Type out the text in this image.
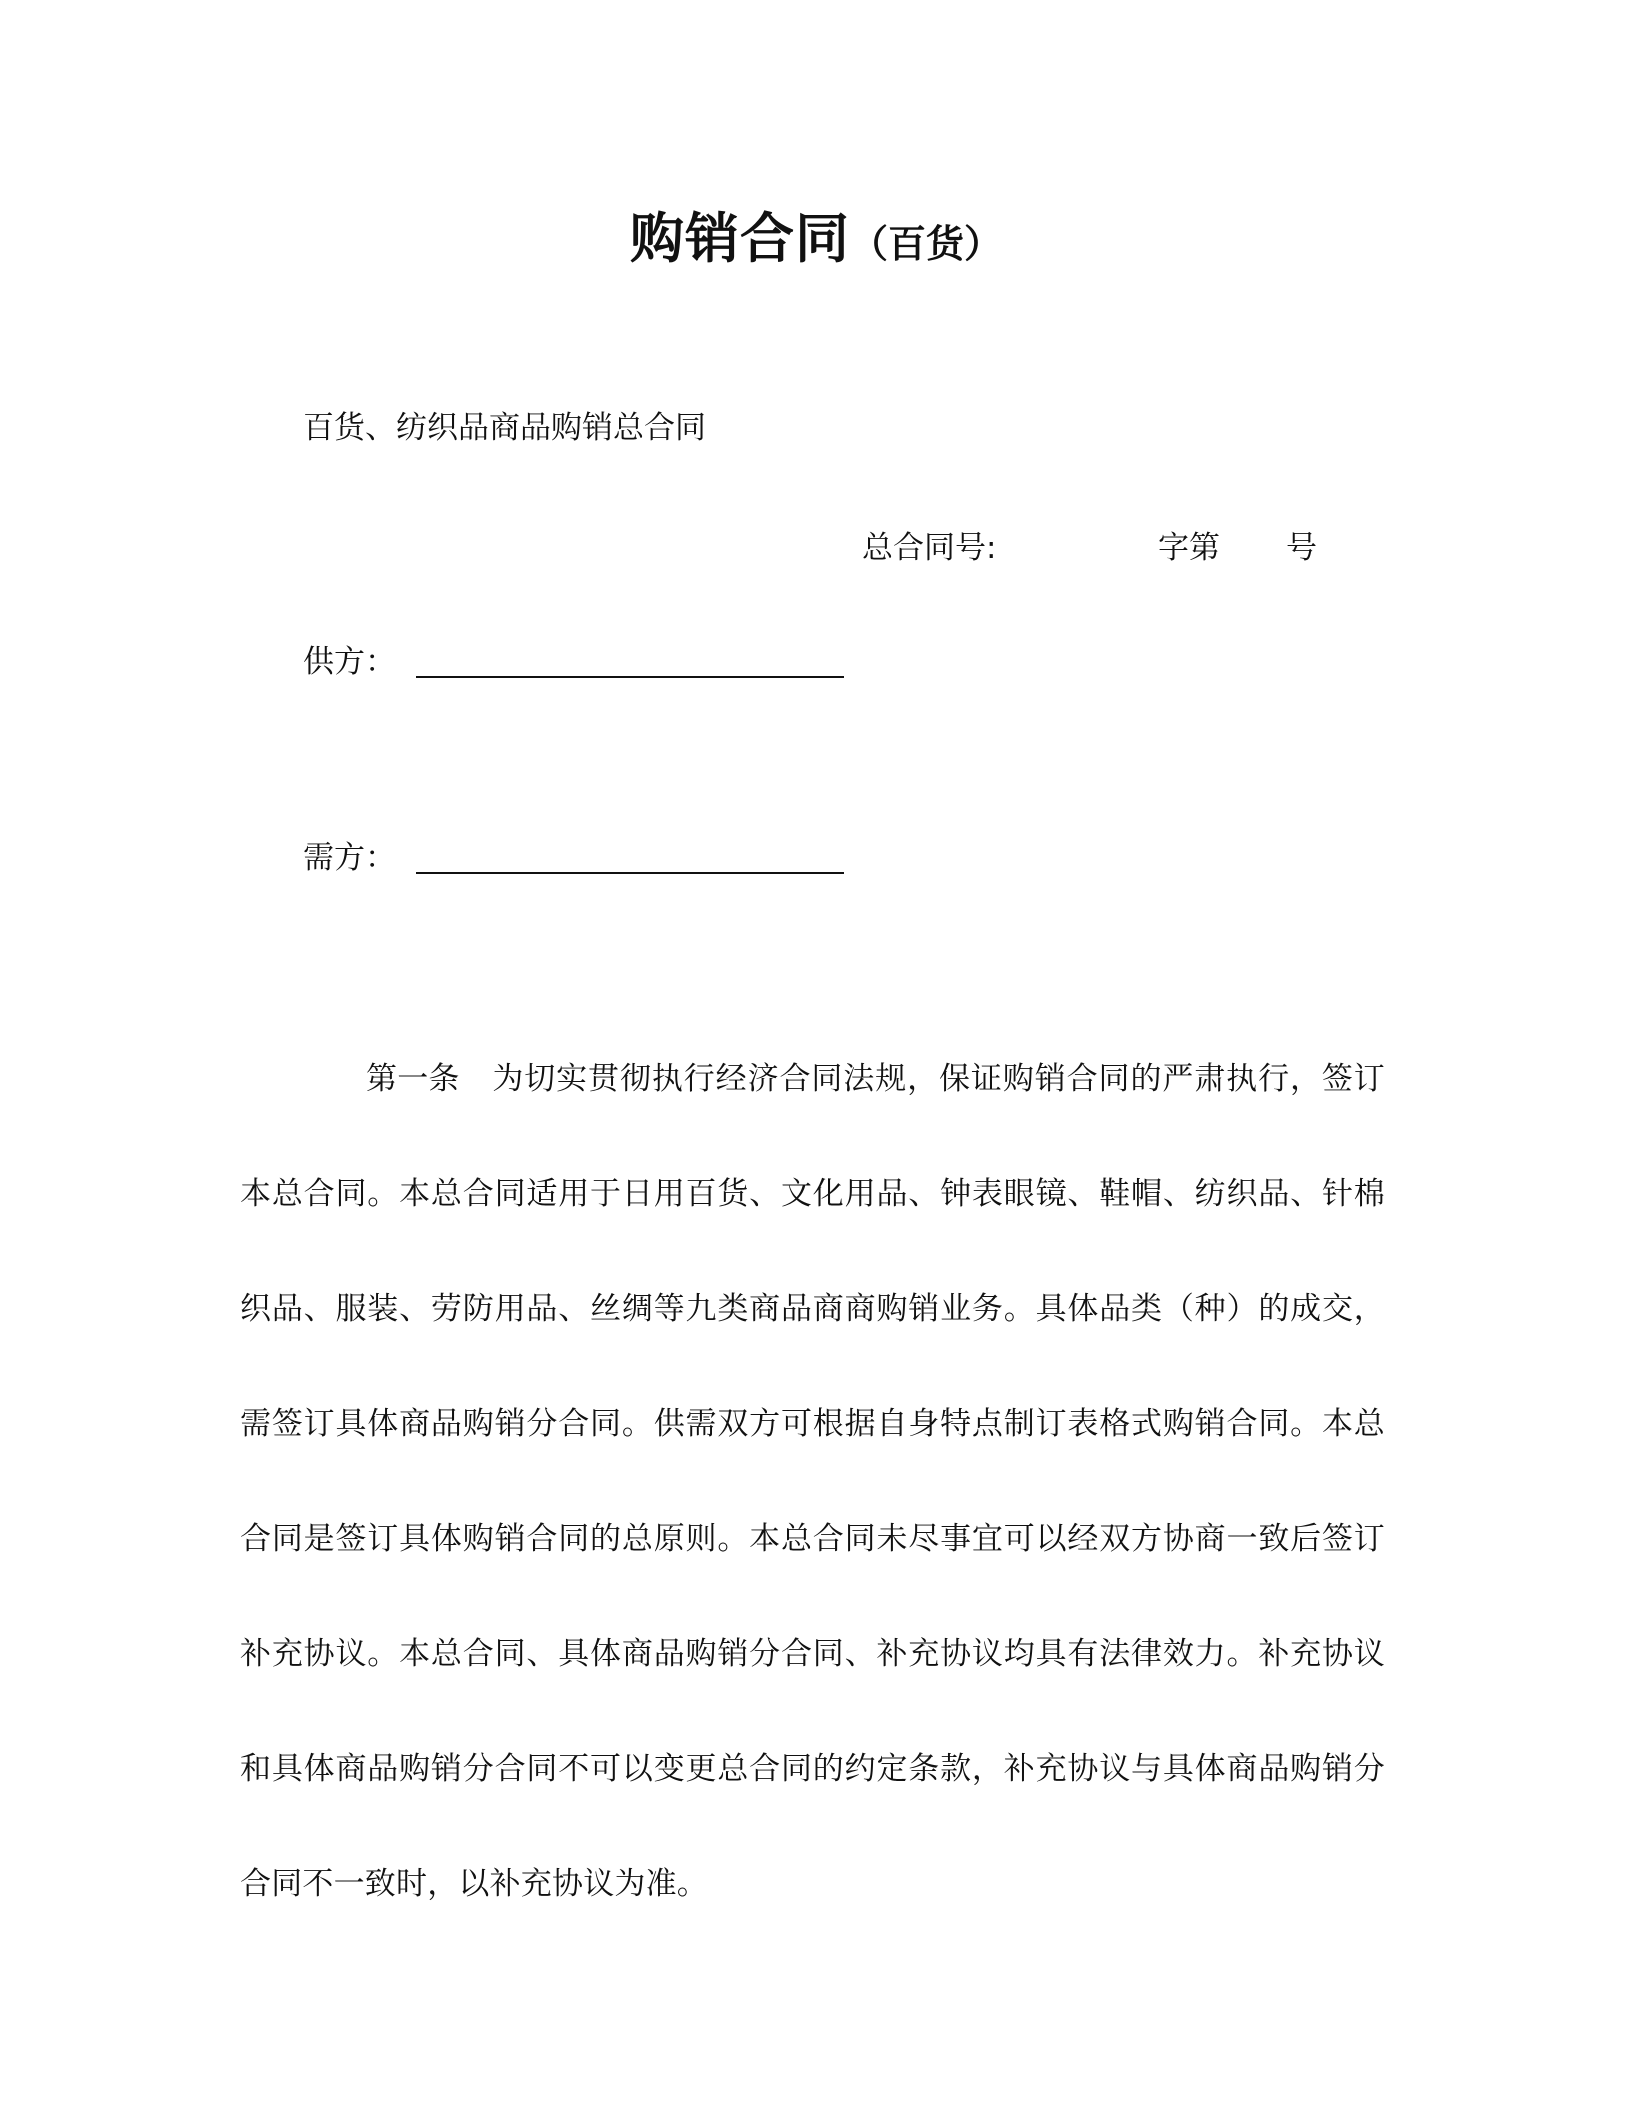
购销合同（百货）
百货、纺织品商品购销总合同
总合同号:	字第 号
供方：
需方：
第一条 为切实贯彻执行经济合同法规，保证购销合同的严肃执行，签订本总合同。本总合同适用于日用百货、文化用品、钟表眼镜、鞋帽、纺织品、针棉织品、服装、劳防用品、丝绸等九类商品商商购销业务。具体品类（种）的成交，需签订具体商品购销分合同。供需双方可根据自身特点制订表格式购销合同。本总合同是签订具体购销合同的总原则。本总合同未尽事宜可以经双方协商一致后签订补充协议。本总合同、具体商品购销分合同、补充协议均具有法律效力。补充协议和具体商品购销分合同不可以变更总合同的约定条款，补充协议与具体商品购销分合同不一致时，以补充协议为准。
